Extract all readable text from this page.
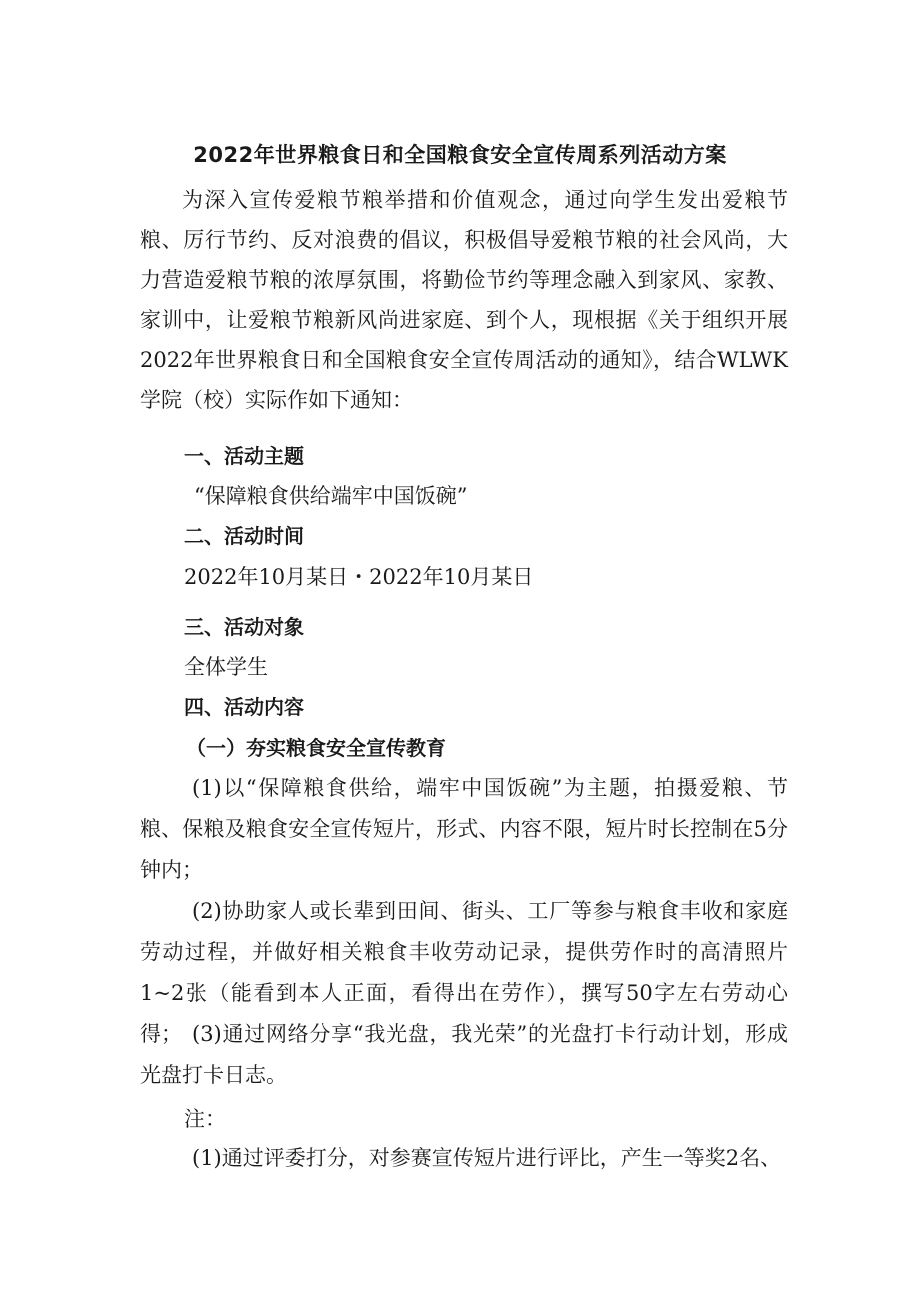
2022年世界粮食日和全国粮食安全宣传周系列活动方案
为深入宣传爱粮节粮举措和价值观念，通过向学生发出爱粮节粮、厉行节约、反对浪费的倡议，积极倡导爱粮节粮的社会风尚，大力营造爱粮节粮的浓厚氛围，将勤俭节约等理念融入到家风、家教、家训中，让爱粮节粮新风尚进家庭、到个人，现根据《关于组织开展2022年世界粮食日和全国粮食安全宣传周活动的通知》，结合WLWK学院（校）实际作如下通知：
一、活动主题
“保障粮食供给端牢中国饭碗”
二、活动时间
2022年10月某日・2022年10月某日
三、活动对象
全体学生
四、活动内容
（一）夯实粮食安全宣传教育
(1)以“保障粮食供给，端牢中国饭碗”为主题，拍摄爱粮、节粮、保粮及粮食安全宣传短片，形式、内容不限，短片时长控制在5分钟内；
(2)协助家人或长辈到田间、街头、工厂等参与粮食丰收和家庭劳动过程，并做好相关粮食丰收劳动记录，提供劳作时的高清照片1~2张（能看到本人正面，看得出在劳作），撰写50字左右劳动心得； (3)通过网络分享“我光盘，我光荣”的光盘打卡行动计划，形成光盘打卡日志。
注：
(1)通过评委打分，对参赛宣传短片进行评比，产生一等奖2名、
